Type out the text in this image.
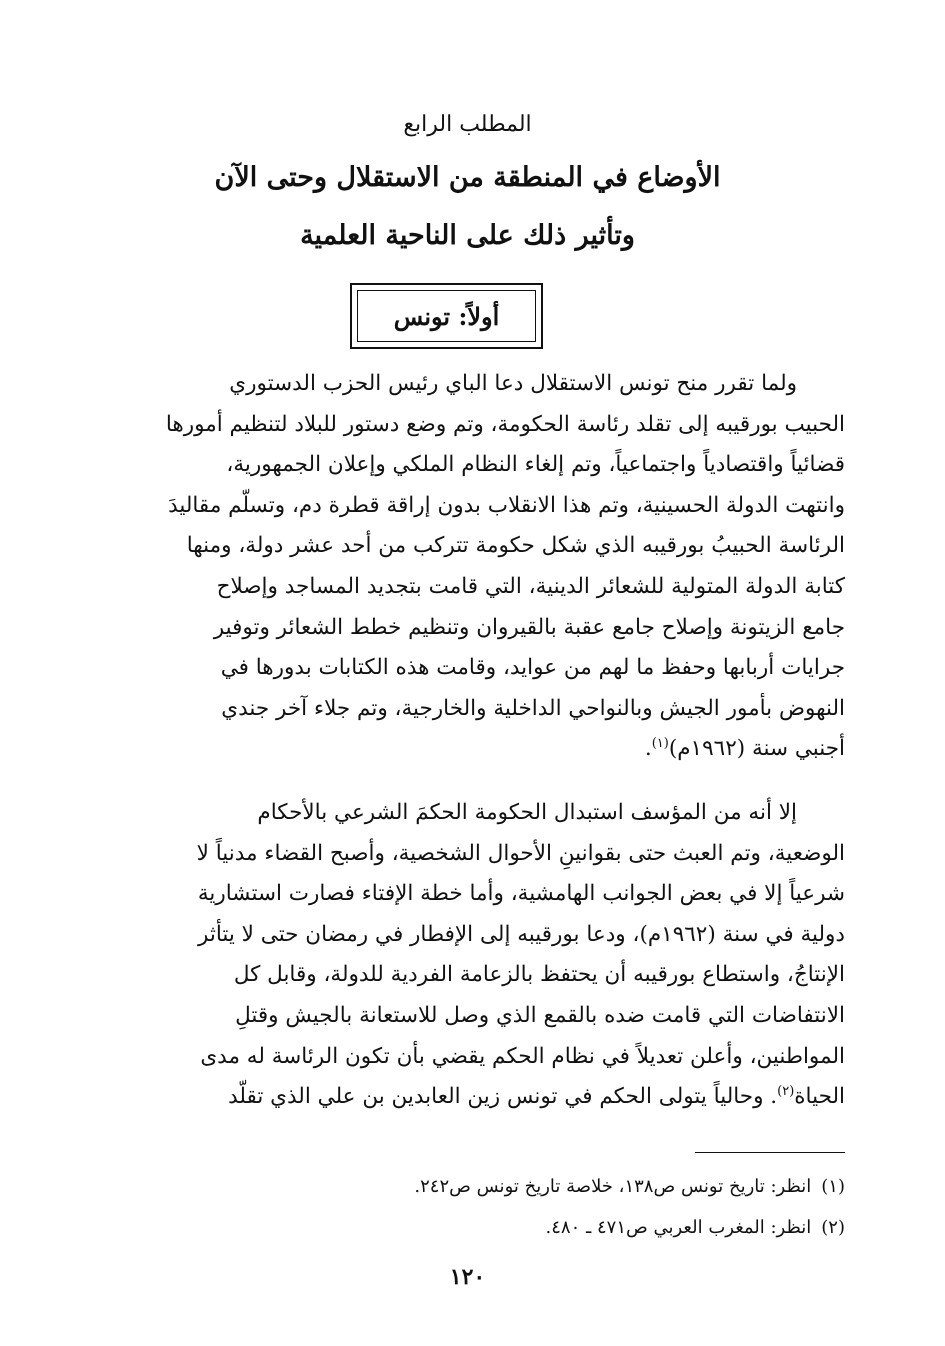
المطلب الرابع
الأوضاع في المنطقة من الاستقلال وحتى الآن
وتأثير ذلك على الناحية العلمية
أولاً: تونس
ولما تقرر منح تونس الاستقلال دعا الباي رئيس الحزب الدستوري
الحبيب بورقيبه إلى تقلد رئاسة الحكومة، وتم وضع دستور للبلاد لتنظيم أمورها
قضائياً واقتصادياً واجتماعياً، وتم إلغاء النظام الملكي وإعلان الجمهورية،
وانتهت الدولة الحسينية، وتم هذا الانقلاب بدون إراقة قطرة دم، وتسلّم مقاليدَ
الرئاسة الحبيبُ بورقيبه الذي شكل حكومة تتركب من أحد عشر دولة، ومنها
كتابة الدولة المتولية للشعائر الدينية، التي قامت بتجديد المساجد وإصلاح
جامع الزيتونة وإصلاح جامع عقبة بالقيروان وتنظيم خطط الشعائر وتوفير
جرايات أربابها وحفظ ما لهم من عوايد، وقامت هذه الكتابات بدورها في
النهوض بأمور الجيش وبالنواحي الداخلية والخارجية، وتم جلاء آخر جندي
أجنبي سنة (١٩٦٢م)$^{(١)}$.
إلا أنه من المؤسف استبدال الحكومة الحكمَ الشرعي بالأحكام
الوضعية، وتم العبث حتى بقوانينِ الأحوال الشخصية، وأصبح القضاء مدنياً لا
شرعياً إلا في بعض الجوانب الهامشية، وأما خطة الإفتاء فصارت استشارية
دولية في سنة (١٩٦٢م)، ودعا بورقيبه إلى الإفطار في رمضان حتى لا يتأثر
الإنتاجُ، واستطاع بورقيبه أن يحتفظ بالزعامة الفردية للدولة، وقابل كل
الانتفاضات التي قامت ضده بالقمع الذي وصل للاستعانة بالجيش وقتلِ
المواطنين، وأعلن تعديلاً في نظام الحكم يقضي بأن تكون الرئاسة له مدى
الحياة$^{(٢)}$. وحالياً يتولى الحكم في تونس زين العابدين بن علي الذي تقلّد
(١)انظر: تاريخ تونس ص١٣٨، خلاصة تاريخ تونس ص٢٤٢.
(٢)انظر: المغرب العربي ص٤٧١ ـ ٤٨٠.
١٢٠
